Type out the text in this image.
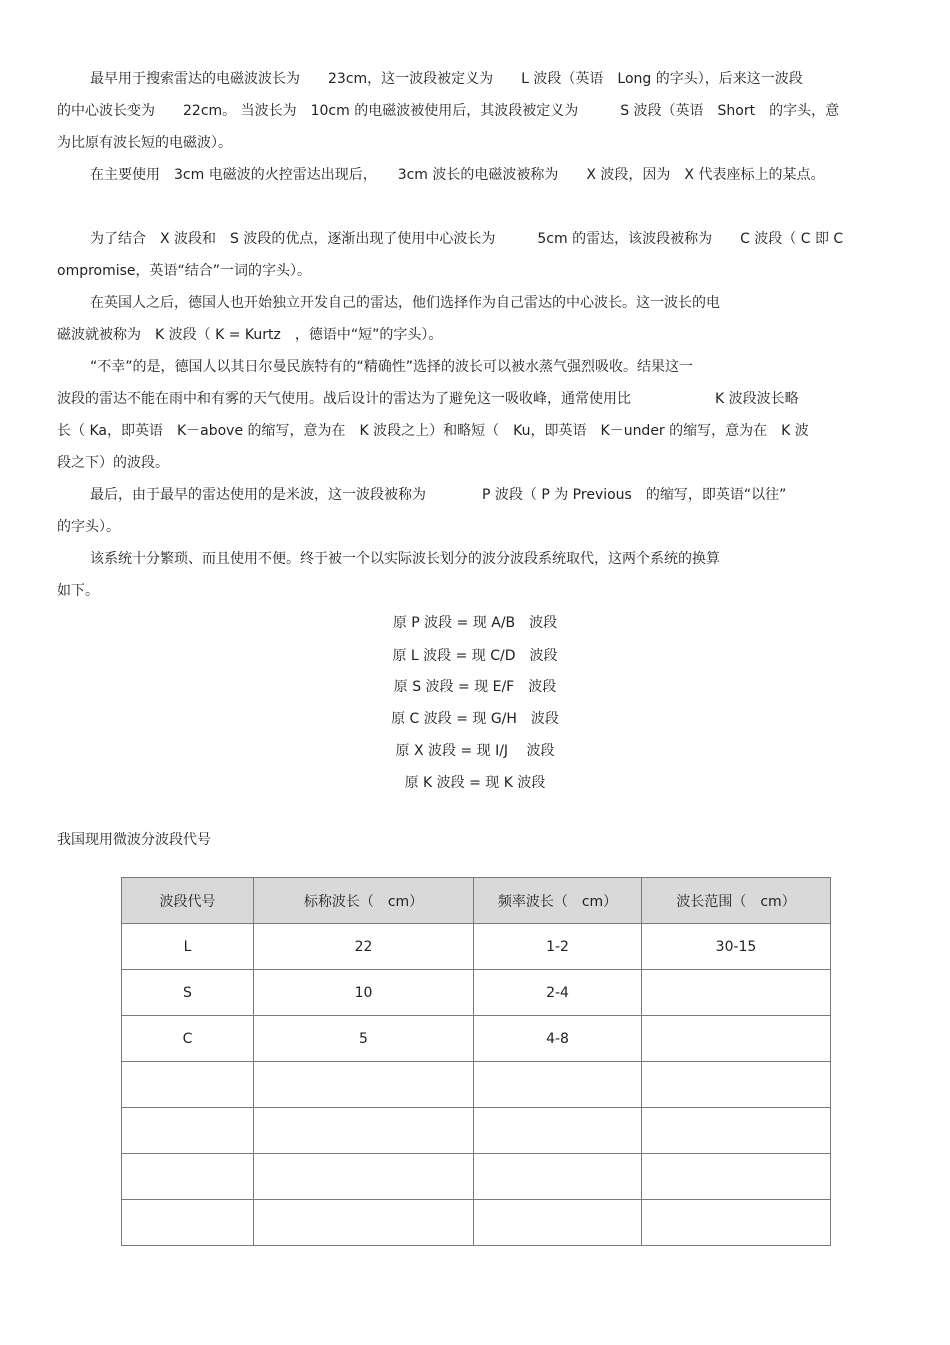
最早用于搜索雷达的电磁波波长为　　23cm，这一波段被定义为　　L 波段（英语　Long 的字头），后来这一波段
的中心波长变为　　22cm。 当波长为　10cm 的电磁波被使用后，其波段被定义为　　　S 波段（英语　Short　的字头，意
为比原有波长短的电磁波）。
在主要使用　3cm 电磁波的火控雷达出现后，　　3cm 波长的电磁波被称为　　X 波段，因为　X 代表座标上的某点。
为了结合　X 波段和　S 波段的优点，逐渐出现了使用中心波长为　　　5cm 的雷达，该波段被称为　　C 波段（ C 即 C
ompromise，英语“结合”一词的字头）。
在英国人之后，德国人也开始独立开发自己的雷达，他们选择作为自己雷达的中心波长。这一波长的电
磁波就被称为　K 波段（ K = Kurtz　，德语中“短”的字头）。
“不幸”的是，德国人以其日尔曼民族特有的“精确性”选择的波长可以被水蒸气强烈吸收。结果这一
波段的雷达不能在雨中和有雾的天气使用。战后设计的雷达为了避免这一吸收峰，通常使用比　　　　　　K 波段波长略
长（ Ka，即英语　K－above 的缩写，意为在　K 波段之上）和略短（　Ku，即英语　K－under 的缩写，意为在　K 波
段之下）的波段。
最后，由于最早的雷达使用的是米波，这一波段被称为　　　　P 波段（ P 为 Previous　的缩写，即英语“以往”
的字头）。
该系统十分繁琐、而且使用不便。终于被一个以实际波长划分的波分波段系统取代，这两个系统的换算
如下。
原 P 波段 = 现 A/B　波段
原 L 波段 = 现 C/D　波段
原 S 波段 = 现 E/F　波段
原 C 波段 = 现 G/H　波段
原 X 波段 = 现 I/J　 波段
原 K 波段 = 现 K 波段
我国现用微波分波段代号
波段代号	标称波长（　cm）	频率波长（　cm）	波长范围（　cm）
L	22	1-2	30-15
S	10	2-4	
C	5	4-8	
